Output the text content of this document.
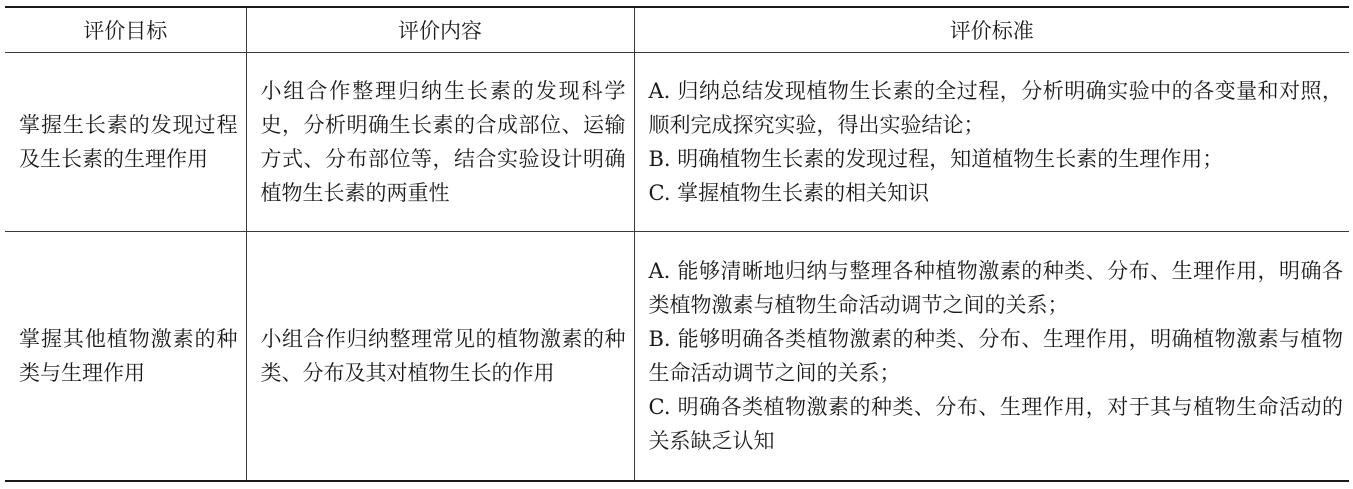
评价目标	评价内容	评价标准
掌握生长素的发现过程及生长素的生理作用	小组合作整理归纳生长素的发现科学史，分析明确生长素的合成部位、运输方式、分布部位等，结合实验设计明确植物生长素的两重性	A. 归纳总结发现植物生长素的全过程，分析明确实验中的各变量和对照，顺利完成探究实验，得出实验结论；
B. 明确植物生长素的发现过程，知道植物生长素的生理作用；
C. 掌握植物生长素的相关知识

掌握其他植物激素的种类与生理作用	小组合作归纳整理常见的植物激素的种类、分布及其对植物生长的作用	A. 能够清晰地归纳与整理各种植物激素的种类、分布、生理作用，明确各类植物激素与植物生命活动调节之间的关系；
B. 能够明确各类植物激素的种类、分布、生理作用，明确植物激素与植物生命活动调节之间的关系；
C. 明确各类植物激素的种类、分布、生理作用，对于其与植物生命活动的关系缺乏认知
